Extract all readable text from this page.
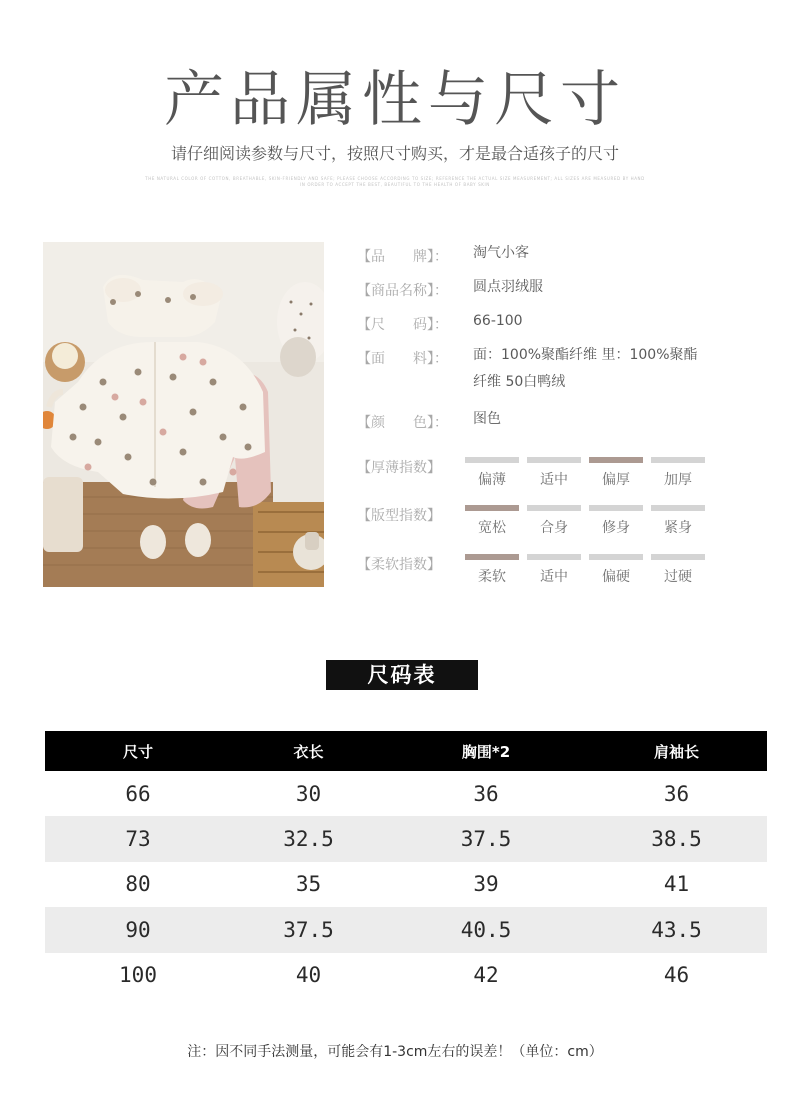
产品属性与尺寸
请仔细阅读参数与尺寸，按照尺寸购买，才是最合适孩子的尺寸
THE NATURAL COLOR OF COTTON, BREATHABLE, SKIN-FRIENDLY AND SAFE; PLEASE CHOOSE ACCORDING TO SIZE; REFERENCE THE ACTUAL SIZE MEASUREMENT; ALL SIZES ARE MEASURED BY HAND
IN ORDER TO ACCEPT THE BEST, BEAUTIFUL TO THE HEALTH OF BABY SKIN
【品　　牌】：	淘气小客
【商品名称】：	圆点羽绒服
【尺　　码】：	66-100
【面　　料】：	面：100%聚酯纤维 里：100%聚酯纤维 50白鸭绒
【颜　　色】：	图色
【厚薄指数】
偏薄	适中	偏厚	加厚
【版型指数】
宽松	合身	修身	紧身
【柔软指数】
柔软	适中	偏硬	过硬
尺码表
尺寸	衣长	胸围*2	肩袖长
66	30	36	36
73	32.5	37.5	38.5
80	35	39	41
90	37.5	40.5	43.5
100	40	42	46
注：因不同手法测量，可能会有1-3cm左右的误差！（单位：cm）
